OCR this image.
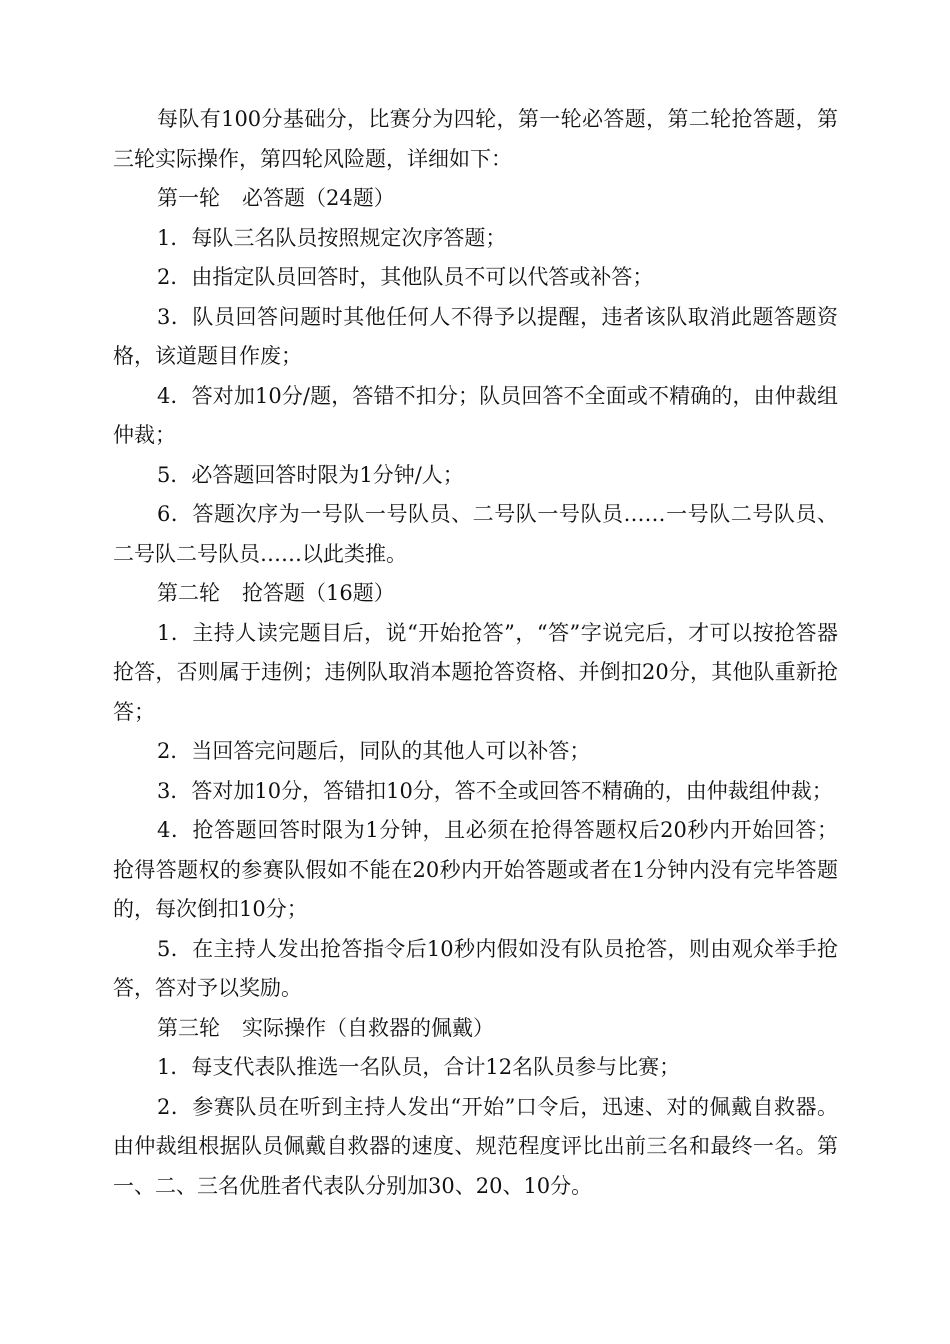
每队有100分基础分，比赛分为四轮，第一轮必答题，第二轮抢答题，第三轮实际操作，第四轮风险题，详细如下：

第一轮 必答题（24题）

1．每队三名队员按照规定次序答题；

2．由指定队员回答时，其他队员不可以代答或补答；

3．队员回答问题时其他任何人不得予以提醒，违者该队取消此题答题资格，该道题目作废；

4．答对加10分/题，答错不扣分；队员回答不全面或不精确的，由仲裁组仲裁；

5．必答题回答时限为1分钟/人；

6．答题次序为一号队一号队员、二号队一号队员……一号队二号队员、二号队二号队员……以此类推。

第二轮 抢答题（16题）

1．主持人读完题目后，说“开始抢答”，“答”字说完后，才可以按抢答器抢答，否则属于违例；违例队取消本题抢答资格、并倒扣20分，其他队重新抢答；

2．当回答完问题后，同队的其他人可以补答；

3．答对加10分，答错扣10分，答不全或回答不精确的，由仲裁组仲裁；

4．抢答题回答时限为1分钟，且必须在抢得答题权后20秒内开始回答；抢得答题权的参赛队假如不能在20秒内开始答题或者在1分钟内没有完毕答题的，每次倒扣10分；

5．在主持人发出抢答指令后10秒内假如没有队员抢答，则由观众举手抢答，答对予以奖励。

第三轮 实际操作（自救器的佩戴）

1．每支代表队推选一名队员，合计12名队员参与比赛；

2．参赛队员在听到主持人发出“开始”口令后，迅速、对的佩戴自救器。由仲裁组根据队员佩戴自救器的速度、规范程度评比出前三名和最终一名。第一、二、三名优胜者代表队分别加30、20、10分。
